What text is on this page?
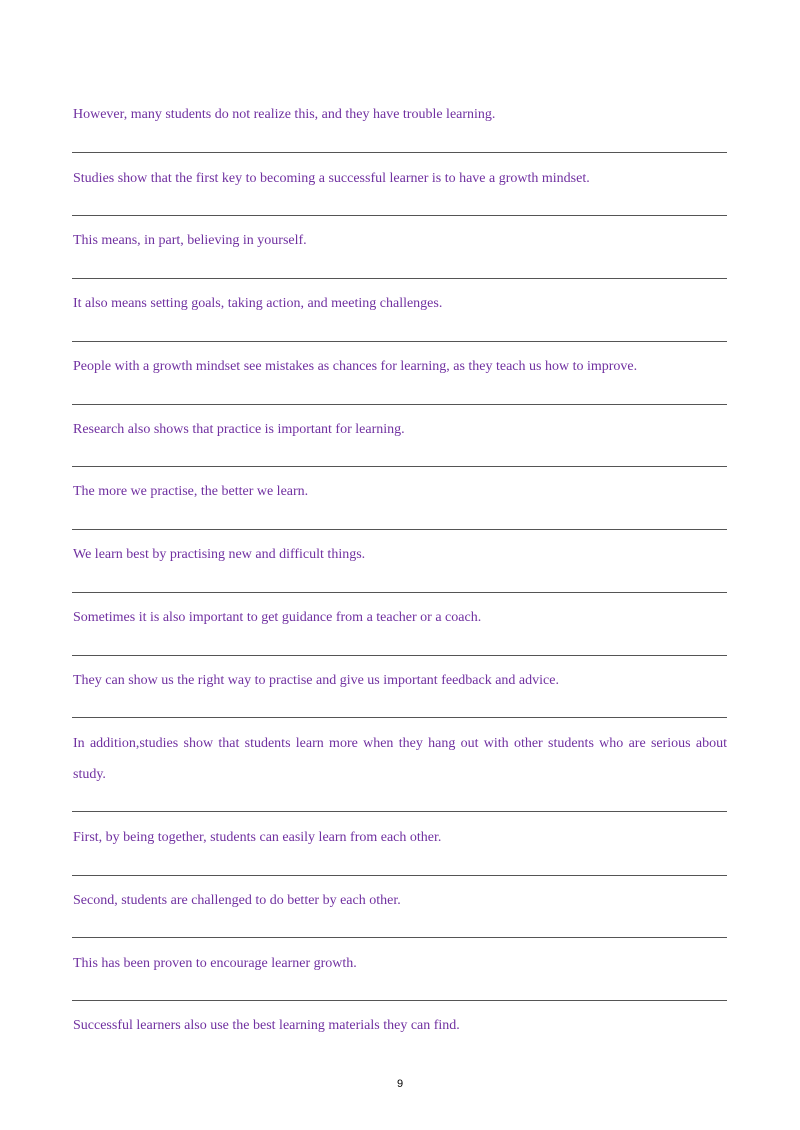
However, many students do not realize this, and they have trouble learning.

Studies show that the first key to becoming a successful learner is to have a growth mindset.

This means, in part, believing in yourself.

It also means setting goals, taking action, and meeting challenges.

People with a growth mindset see mistakes as chances for learning, as they teach us how to improve.

Research also shows that practice is important for learning.

The more we practise, the better we learn.

We learn best by practising new and difficult things.

Sometimes it is also important to get guidance from a teacher or a coach.

They can show us the right way to practise and give us important feedback and advice.

In addition,studies show that students learn more when they hang out with other students who are serious about study.

First, by being together, students can easily learn from each other.

Second, students are challenged to do better by each other.

This has been proven to encourage learner growth.

Successful learners also use the best learning materials they can find.

9
